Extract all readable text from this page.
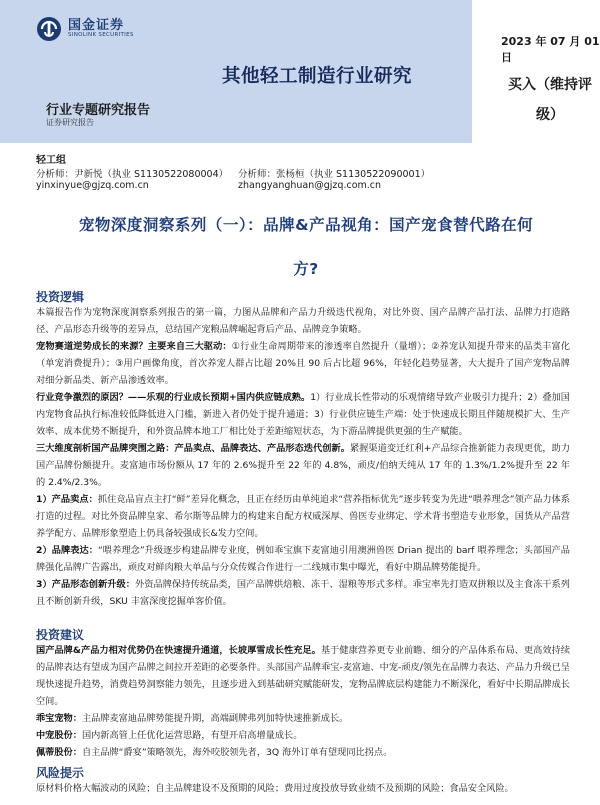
国金证券
SINOLINK SECURITIES
2023 年 07 月 01 日
其他轻工制造行业研究	买入（维持评
级）
行业专题研究报告
证券研究报告
轻工组
分析师：尹新悦（执业 S1130522080004） 分析师：张杨桓（执业 S1130522090001）
yinxinyue@gjzq.com.cn	zhangyanghuan@gjzq.com.cn
宠物深度洞察系列（一）：品牌&产品视角：国产宠食替代路在何
方?
投资逻辑

本篇报告作为宠物深度洞察系列报告的第一篇，力图从品牌和产品力升级迭代视角，对比外资、国产品牌产品打法、品牌力打造路径、产品形态升级等的差异点，总结国产宠粮品牌崛起背后产品、品牌竞争策略。

宠物赛道逆势成长的来源？主要来自三大驱动：①行业生命周期带来的渗透率自然提升（量增）；②养宠认知提升带来的品类丰富化（单宠消费提升）；③用户画像角度，首次养宠人群占比超 20%且 90 后占比超 96%，年轻化趋势显著，大大提升了国产宠物品牌对细分新品类、新产品渗透效率。

行业竞争激烈的原因？——乐观的行业成长预期+国内供应链成熟。1）行业成长性带动的乐观情绪导致产业吸引力提升；2）叠加国内宠物食品执行标准较低降低进入门槛，新进入者仍处于提升通道；3）行业供应链生产端：处于快速成长期且伴随规模扩大、生产效率、成本优势不断提升，和外资品牌本地工厂相比处于差距缩短状态，为下游品牌提供更强的生产赋能。

三大维度剖析国产品牌突围之路：产品卖点、品牌表达、产品形态迭代创新。紧握渠道变迁红利+产品综合推新能力表现更优，助力国产品牌份额提升。麦富迪市场份额从 17 年的 2.6%提升至 22 年的 4.8%，顽皮/伯纳天纯从 17 年的 1.3%/1.2%提升至 22 年的 2.4%/2.3%。

1）产品卖点：抓住竞品盲点主打“鲜”差异化概念，且正在经历由单纯追求“营养指标优先”逐步转变为先进“喂养理念”领产品力体系打造的过程。对比外资品牌皇家、希尔斯等品牌力的构建来自配方权威深厚、兽医专业绑定、学术背书塑造专业形象，国货从产品营养学配方、品牌形象塑造上仍具备较强成长&发力空间。

2）品牌表达：“喂养理念”升级逐步构建品牌专业度，例如乖宝旗下麦富迪引用澳洲兽医 Drian 提出的 barf 喂养理念；头部国产品牌强化品牌广告露出，顽皮对鲜肉粮大单品与分众传媒合作进行一二线城市集中曝光，看好中期品牌势能提升。

3）产品形态创新升级：外资品牌保持传统品类，国产品牌烘焙粮、冻干、湿粮等形式多样。乖宝率先打造双拼粮以及主食冻干系列且不断创新升级，SKU 丰富深度挖掘单客价值。

投资建议

国产品牌&产品力相对优势仍在快速提升通道，长坡厚雪成长性充足。基于健康营养更专业前瞻、细分的产品体系布局、更高效持续的品牌表达有望成为国产品牌之间拉开差距的必要条件。头部国产品牌乖宝-麦富迪、中宠-顽皮/领先在品牌力表达、产品力升级已呈现快速提升趋势，消费趋势洞察能力领先，且逐步进入到基础研究赋能研发，宠物品牌底层构建能力不断深化，看好中长期品牌成长空间。

乖宝宠物：主品牌麦富迪品牌势能提升期，高端副牌弗列加特快速推新成长。

中宠股份：国内新高管上任优化运营思路，有望开启高增量成长。

佩蒂股份：自主品牌“爵宴”策略领先，海外咬胶领先者，3Q 海外订单有望现同比拐点。

风险提示

原材料价格大幅波动的风险；自主品牌建设不及预期的风险；费用过度投放导致业绩不及预期的风险；食品安全风险。
